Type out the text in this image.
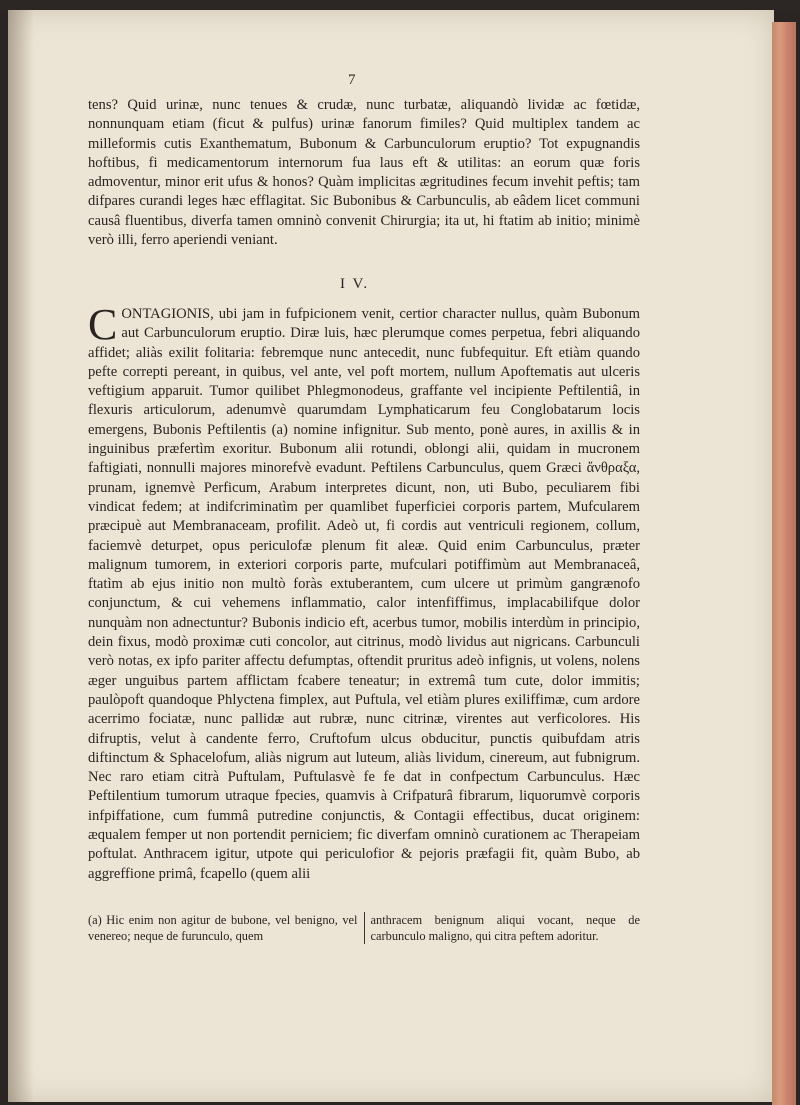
7

tens? Quid urinæ, nunc tenues & crudæ, nunc turbatæ, aliquandò lividæ ac fœtidæ, nonnunquam etiam (ficut & pulfus) urinæ fanorum fimiles? Quid multiplex tandem ac milleformis cutis Exanthematum, Bubonum & Carbunculorum eruptio? Tot expugnandis hoftibus, fi medicamentorum internorum fua laus eft & utilitas: an eorum quæ foris admoventur, minor erit ufus & honos? Quàm implicitas ægritudines fecum invehit peftis; tam difpares curandi leges hæc efflagitat. Sic Bubonibus & Carbunculis, ab eâdem licet communi causâ fluentibus, diverfa tamen omninò convenit Chirurgia; ita ut, hi ftatim ab initio; minimè verò illi, ferro aperiendi veniant.

I V.
C ONTAGIONIS, ubi jam in fufpicionem venit, certior character nullus, quàm Bubonum aut Carbunculorum eruptio. Diræ luis, hæc plerumque comes perpetua, febri aliquando affidet; aliàs exilit folitaria: febremque nunc antecedit, nunc fubfequitur. Eft etiàm quando pefte correpti pereant, in quibus, vel ante, vel poft mortem, nullum Apoftematis aut ulceris veftigium apparuit. Tumor quilibet Phlegmonodeus, graffante vel incipiente Peftilentiâ, in flexuris articulorum, adenumvè quarumdam Lymphaticarum feu Conglobatarum locis emergens, Bubonis Peftilentis (a) nomine infignitur. Sub mento, ponè aures, in axillis & in inguinibus præfertìm exoritur. Bubonum alii rotundi, oblongi alii, quidam in mucronem faftigiati, nonnulli majores minorefvè evadunt. Peftilens Carbunculus, quem Græci ἄνθραξα, prunam, ignemvè Perficum, Arabum interpretes dicunt, non, uti Bubo, peculiarem fibi vindicat fedem; at indifcriminatìm per quamlibet fuperficiei corporis partem, Mufcularem præcipuè aut Membranaceam, profilit. Adeò ut, fi cordis aut ventriculi regionem, collum, faciemvè deturpet, opus periculofæ plenum fit aleæ. Quid enim Carbunculus, præter malignum tumorem, in exteriori corporis parte, mufculari potiffimùm aut Membranaceâ, ftatìm ab ejus initio non multò foràs extuberantem, cum ulcere ut primùm gangrænofo conjunctum, & cui vehemens inflammatio, calor intenfiffimus, implacabilifque dolor nunquàm non adnectuntur? Bubonis indicio eft, acerbus tumor, mobilis interdùm in principio, dein fixus, modò proximæ cuti concolor, aut citrinus, modò lividus aut nigricans. Carbunculi verò notas, ex ipfo pariter affectu defumptas, oftendit pruritus adeò infignis, ut volens, nolens æger unguibus partem afflictam fcabere teneatur; in extremâ tum cute, dolor immitis; paulòpoft quandoque Phlyctena fimplex, aut Puftula, vel etiàm plures exiliffimæ, cum ardore acerrimo fociatæ, nunc pallidæ aut rubræ, nunc citrinæ, virentes aut verficolores. His difruptis, velut à candente ferro, Cruftofum ulcus obducitur, punctis quibufdam atris diftinctum & Sphacelofum, aliàs nigrum aut luteum, aliàs lividum, cinereum, aut fubnigrum. Nec raro etiam citrà Puftulam, Puftulasvè fe fe dat in confpectum Carbunculus. Hæc Peftilentium tumorum utraque fpecies, quamvis à Crifpaturâ fibrarum, liquorumvè corporis infpiffatione, cum fummâ putredine conjunctis, & Contagii effectibus, ducat originem: æqualem femper ut non portendit perniciem; fic diverfam omninò curationem ac Therapeiam poftulat. Anthracem igitur, utpote qui periculofior & pejoris præfagii fit, quàm Bubo, ab aggreffione primâ, fcapello (quem alii

(a) Hic enim non agitur de bubone, vel benigno, vel venereo; neque de furunculo, quem
anthracem benignum aliqui vocant, neque de carbunculo maligno, qui citra peftem adoritur.
